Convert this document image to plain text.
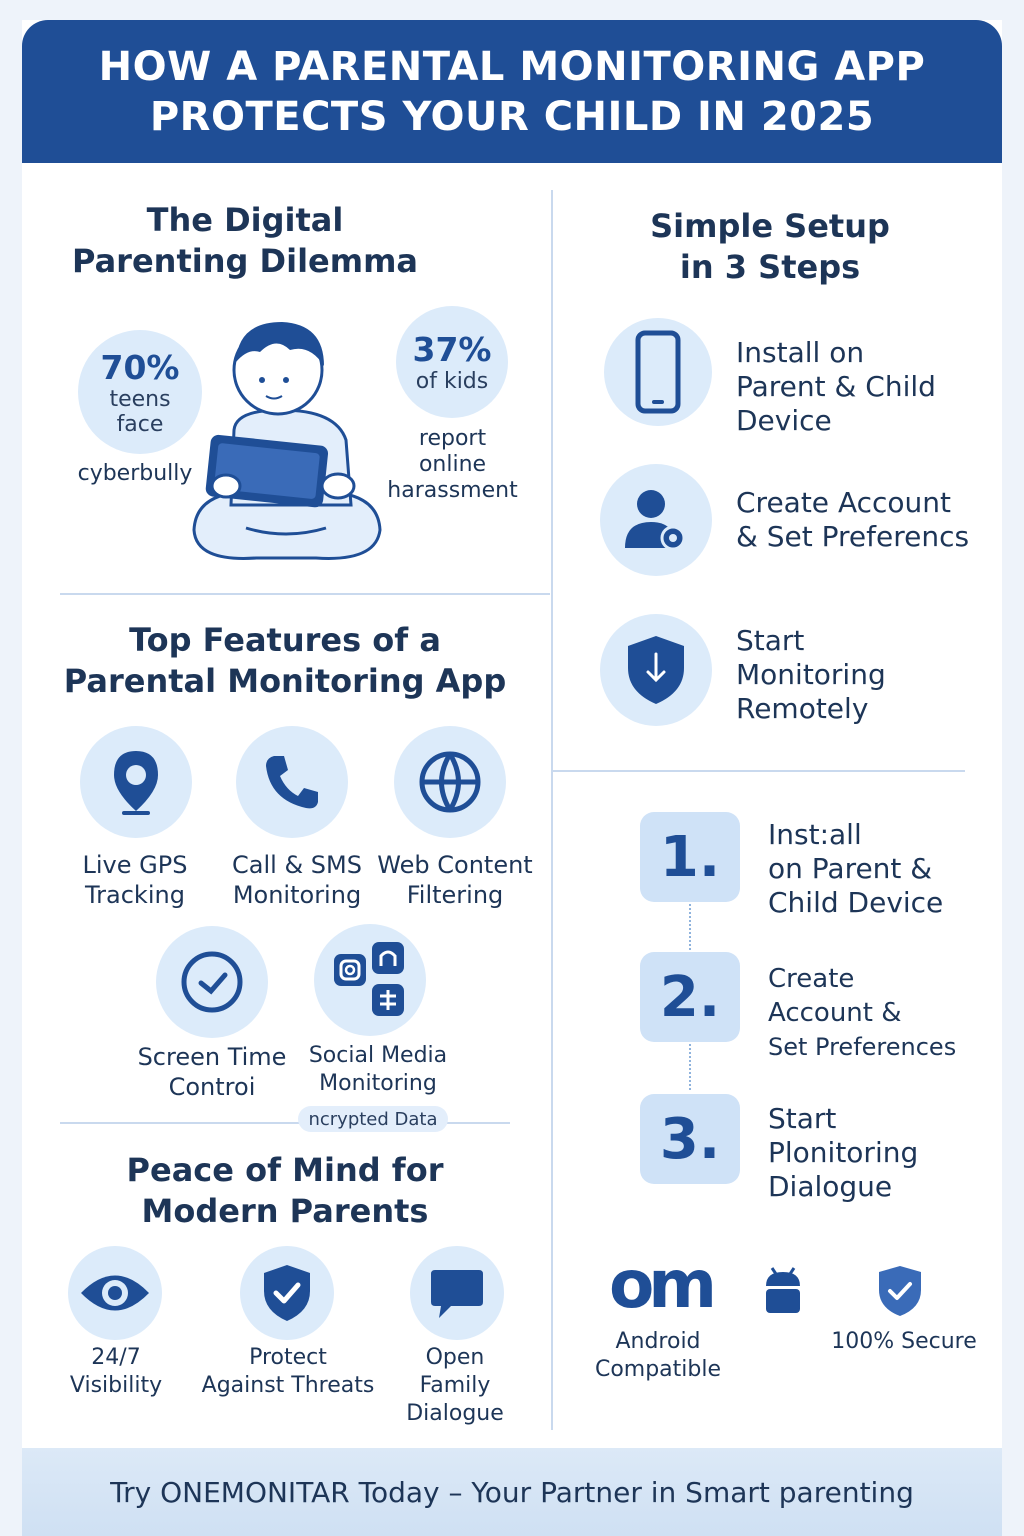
HOW A PARENTAL MONITORING APP
PROTECTS YOUR CHILD IN 2025
The Digital
Parenting Dilemma
70%
teens
face
cyberbully
37%
of kids
report
online
harassment
Top Features of a
Parental Monitoring App
Live GPS
Tracking
Call & SMS
Monitoring
Web Content
Filtering
Screen Time
Controi
Social Media
Monitoring
ncrypted Data
Peace of Mind for
Modern Parents
24/7
Visibility
Protect
Against Threats
Open
Family
Dialogue
Simple Setup
in 3 Steps
Install on
Parent & Child
Device
Create Account
& Set Preferencs
Start
Monitoring
Remotely
1.
2.
3.
Inst:all
on Parent &
Child Device
Create
Account &
Set Preferences
Start
Plonitoring
Dialogue
om
Android
Compatible
100% Secure
Try ONEMONITAR Today – Your Partner in Smart parenting
